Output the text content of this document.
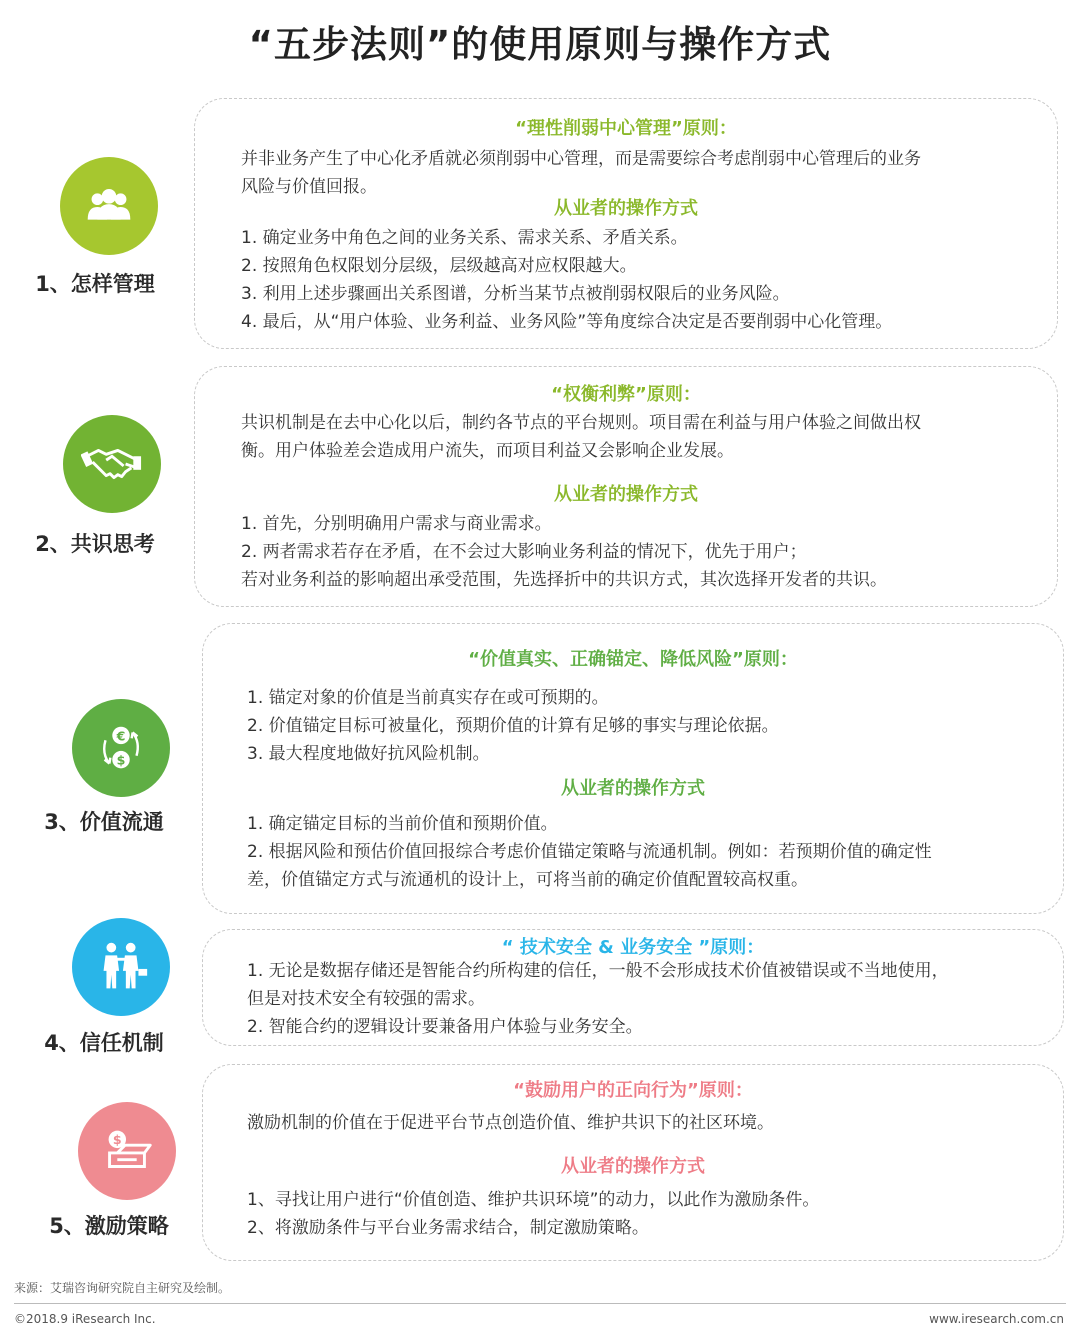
“五步法则”的使用原则与操作方式
1、怎样管理
“理性削弱中心管理”原则：
并非业务产生了中心化矛盾就必须削弱中心管理，而是需要综合考虑削弱中心管理后的业务
风险与价值回报。
从业者的操作方式
1. 确定业务中角色之间的业务关系、需求关系、矛盾关系。
2. 按照角色权限划分层级，层级越高对应权限越大。
3. 利用上述步骤画出关系图谱，分析当某节点被削弱权限后的业务风险。
4. 最后，从“用户体验、业务利益、业务风险”等角度综合决定是否要削弱中心化管理。
2、共识思考
“权衡利弊”原则：
共识机制是在去中心化以后，制约各节点的平台规则。项目需在利益与用户体验之间做出权
衡。用户体验差会造成用户流失，而项目利益又会影响企业发展。
从业者的操作方式
1. 首先，分别明确用户需求与商业需求。
2. 两者需求若存在矛盾，在不会过大影响业务利益的情况下，优先于用户；
若对业务利益的影响超出承受范围，先选择折中的共识方式，其次选择开发者的共识。
€
$
3、价值流通
“价值真实、正确锚定、降低风险”原则：
1. 锚定对象的价值是当前真实存在或可预期的。
2. 价值锚定目标可被量化，预期价值的计算有足够的事实与理论依据。
3. 最大程度地做好抗风险机制。
从业者的操作方式
1. 确定锚定目标的当前价值和预期价值。
2. 根据风险和预估价值回报综合考虑价值锚定策略与流通机制。例如：若预期价值的确定性
差，价值锚定方式与流通机的设计上，可将当前的确定价值配置较高权重。
4、信任机制
“ 技术安全 & 业务安全 ”原则：
1. 无论是数据存储还是智能合约所构建的信任，一般不会形成技术价值被错误或不当地使用，
但是对技术安全有较强的需求。
2. 智能合约的逻辑设计要兼备用户体验与业务安全。
$
5、激励策略
“鼓励用户的正向行为”原则：
激励机制的价值在于促进平台节点创造价值、维护共识下的社区环境。
从业者的操作方式
1、寻找让用户进行“价值创造、维护共识环境”的动力，以此作为激励条件。
2、将激励条件与平台业务需求结合，制定激励策略。
来源：艾瑞咨询研究院自主研究及绘制。
©2018.9 iResearch Inc.	www.iresearch.com.cn
